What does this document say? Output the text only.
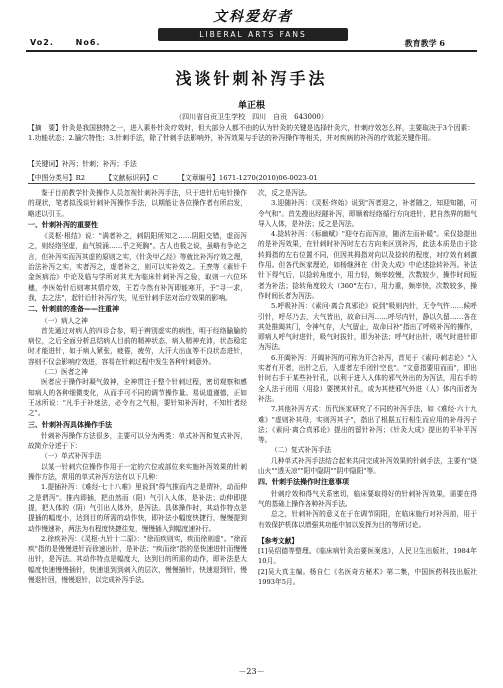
Vo2.	No6.
文科爱好者
LIBERAL ARTS FANS
教育教学 6
浅谈针刺补泻手法
单正根
（四川省自贡卫生学校　四川　自贡　643000）
【摘　要】针灸是我国独特之一，进入素朴针灸疗效时，但大部分人都不由的认为针灸的关键是选择针灸穴，针刺疗效怎么样，主要取决于3个因素：1.功能状态；2.腧穴特性；3.针刺手法，除了针刺手法影响外，补泻效果与手法的补泻操作等相关，并对疾病的补泻的疗效起关键作用。
【关键词】补泻；针刺；补泻；手法
【中图分类号】R2	【文献标识码】C	【文章编号】1671-1270(2010)06-0023-01

鉴于目前教学针灸操作人员忽视针刺补泻手法，只于进针后电针操作的现状，笔者拟浅谈针刺补泻操作手法，以期能让各位操作者有所启发，略述以引玉。

一、针刺补泻的重要性

《灵枢·根结》说："满者补之，刺阴阳所知之……阴阳交错，虚而泻之，则经络坚虚，血气锐涌……乎之死胸"。古人也极之说，虽略有争论之言，但补泻实而泻其虚的原则之实，《针灸甲乙经》等就比补泻疗效之理，治法补泻之实，实者泻之，虚者补之，则可以实补效之。王焘等《素针千金医病治》中论及临与学所对其尤为临床针刺补泻之验，取则一六位环穗，李医始针后则寒其情疗效，王若今然有补泻即能寒开，予"寻一求，我，去之法"，起针后针补泻疗失，见至针刺手法对治疗效果的影响。

二、针刺前的准备——注重神
（一）病人之神

首先通过对病人的四诊合参，明于辨别虚实的病性，明于经络腧腧的病位，之后全面分析总结病人目前的精神状态，病人精神充沛，状态稳定时才能进针，如于病人紧张，疲倦，疲劳，大汗大出血等不良状态进针，容则不仅会影响疗效进，容易在针刺过程中发生各种针刺意外。

（二）医者之神

医者应于操作时凝气敛神，全神贯注于整个针刺过程，密切观察和感知病人的各种细微变化，从而手可不同的调节操作量。易说道谨德，正如王冰所说："凡手于补迷法，必令有之气相，要针知补泻时，不知针者经之"。

三、针刺补泻具体操作手法

针刺补泻操作方法很多，主要可以分为两类：单式补泻和复式补泻，故简介分述于下：

（一）单式补泻手法

以某一针刺穴位操作作用于一定的穴位或部位来实施补泻效果的针刺操作方法，常用的单式补泻方法有以下几种：

1.提插补泻：《难经·七十八难》里说到"得气推而内之是谓补，动而伸之是谓泻"。推内即插，把由然而（阳）气引入人体，是补法；动伸即提提，把人体的（阴）气引出人体外，是泻法。具体操作时，其动作特点是提插的幅度小，达到目的所需的动作快，即补法小幅度快捷行，慢慢提到动作慢速补，两法为有程度快捷往复，慢慢插入到幅度速补行。

2.徐疾补泻：《灵枢·九针十二原》："徐而疾则实，疾而徐则虚"。"徐而疾"指的是慢慢进针而徐速出针，是补法；"疾而徐"指的是快速进针而慢慢出针，是泻法。其动作特点是幅度大，达到目的所需的动作，即补法是大幅度快速慢慢插针，快速退到到刺入的层次，慢慢插针，快速退到针，慢慢退针回，慢慢退针，以完成补泻手法。

次，反之是泻法。

3.迎随补泻：《灵枢·终始》说到"泻者迎之，补者随之，知迎知随，可令气和"。首先搜出经隧补泻，即顺着经络循行方向进针，把自然界的精气导入人体，是补法；反之是泻法。

4.捻转补泻：《标幽赋》"迎夺右而泻凉，随济左而补暖"。采仅捻提出的是补泻效果，在针刺时补泻时左右方向来区别补泻，此法本质是由于捻转拇指的左右位置不同，但因其拇指对向以及捻转的程度，对疗效有刺激作用。但各代医家理论，如杨继洲在《针灸大成》中论述捻转补泻。补法针下得气后，以捻转角度小，用力轻，频率较慢，次数较少，操作时间短者为补法；捻转角度较大（360°左右），用力重，频率快，次数较多，操作时间长者为泻法。

5.呼吸补泻：《素问·离合真邪论》说到"吸则内针，无令气忤……候呼引针，呼尽乃去，大气皆出，故命曰泻……呼尽内针，静以久留……各在其处推阖其门，令神气存，大气留止，故命曰补"指出了呼吸补泻的操作，即病人呼气时进针，吸气时拔针，即为补法；呼气时出针，吸气时进针即为泻法。

6.开阖补泻：开阖补泻的可称为开合补泻，首见于《素问·刺志论》"入实者有开者，出针之后，入虚者左手闭针空也"。"文意指要用而而"，即出针时右手于某些补针孔，以利于进入人体的邪气外出的为泻法，用右手的全人法于闭用（用捻）要摸其针孔，或为其使邪气外进（人）体内而者为补法。

7.其他补泻方式：历代医家研究了不同的补泻手法，如《难经·六十九难》"虚则补其母，实则泻其子"，指出了根据五行相生而应用的补母泻子法；《素问·离合真邪论》提出的留针补泻；《针灸大成》提出的平补平泻等。

（二）复式补泻手法

几种单式补泻手法结合起来共同完成补泻效果的针刺手法，主要有"烧山火""透天凉""阳中隐阴""阴中隐阳"等。

四、针刺手法操作时注意事项

针刺疗效和得气关系密切，临床要取得好的针刺补泻效果，需要在得气的基础上操作各种补泻手法。

总之，针刺补泻的意义在于在调节阴阳，在临床施行对补泻前，用于有效保护机体以增强其功能中加以发挥为目的等所讨论。

【参考文献】

[1]吴绍德等整理。《临床病针灸治要医案选》，人民卫生出版社，1984年10月。

[2]吴大真主编。杨自仁《名医奇方秘术》第二集，中国医药科技出版社 1993年5月。

－23－
